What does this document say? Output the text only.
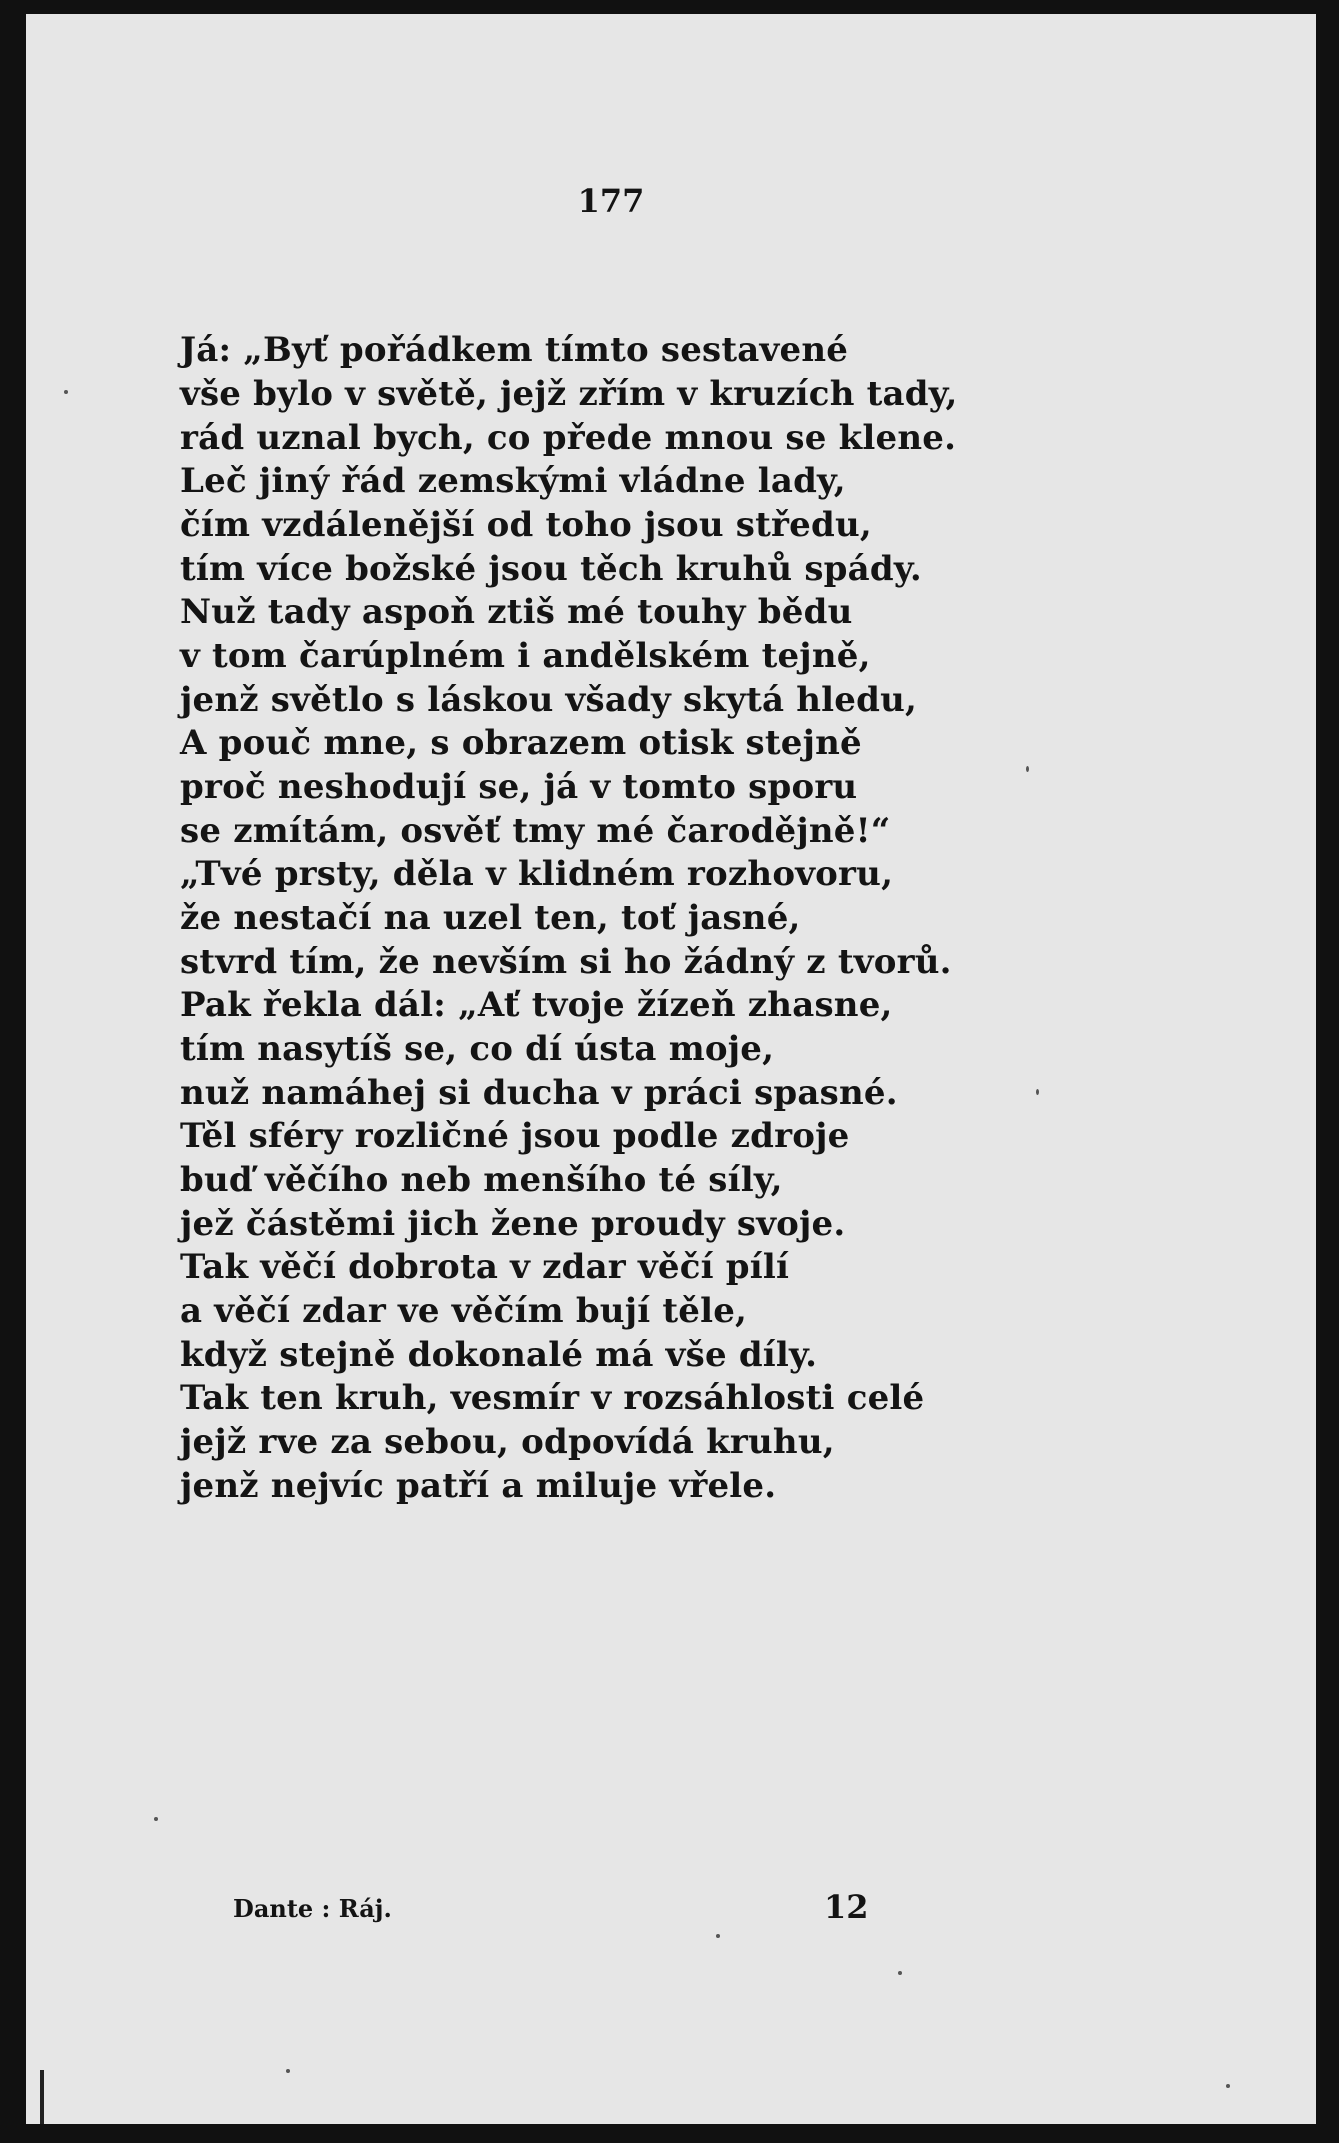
177
Já: „Byť pořádkem tímto sestavené
vše bylo v světě, jejž zřím v kruzích tady,
rád uznal bych, co přede mnou se klene.
Leč jiný řád zemskými vládne lady,
čím vzdálenější od toho jsou středu,
tím více božské jsou těch kruhů spády.
Nuž tady aspoň ztiš mé touhy bědu
v tom čarúplném i andělském tejně,
jenž světlo s láskou všady skytá hledu,
A pouč mne, s obrazem otisk stejně
proč neshodují se, já v tomto sporu
se zmítám, osvěť tmy mé čarodějně!“
„Tvé prsty, děla v klidném rozhovoru,
že nestačí na uzel ten, toť jasné,
stvrd tím, že nevším si ho žádný z tvorů.
Pak řekla dál: „Ať tvoje žízeň zhasne,
tím nasytíš se, co dí ústa moje,
nuž namáhej si ducha v práci spasné.
Těl sféry rozličné jsou podle zdroje
buď věčího neb menšího té síly,
jež částěmi jich žene proudy svoje.
Tak věčí dobrota v zdar věčí pílí
a věčí zdar ve věčím bují těle,
když stejně dokonalé má vše díly.
Tak ten kruh, vesmír v rozsáhlosti celé
jejž rve za sebou, odpovídá kruhu,
jenž nejvíc patří a miluje vřele.
Dante : Ráj.	12
